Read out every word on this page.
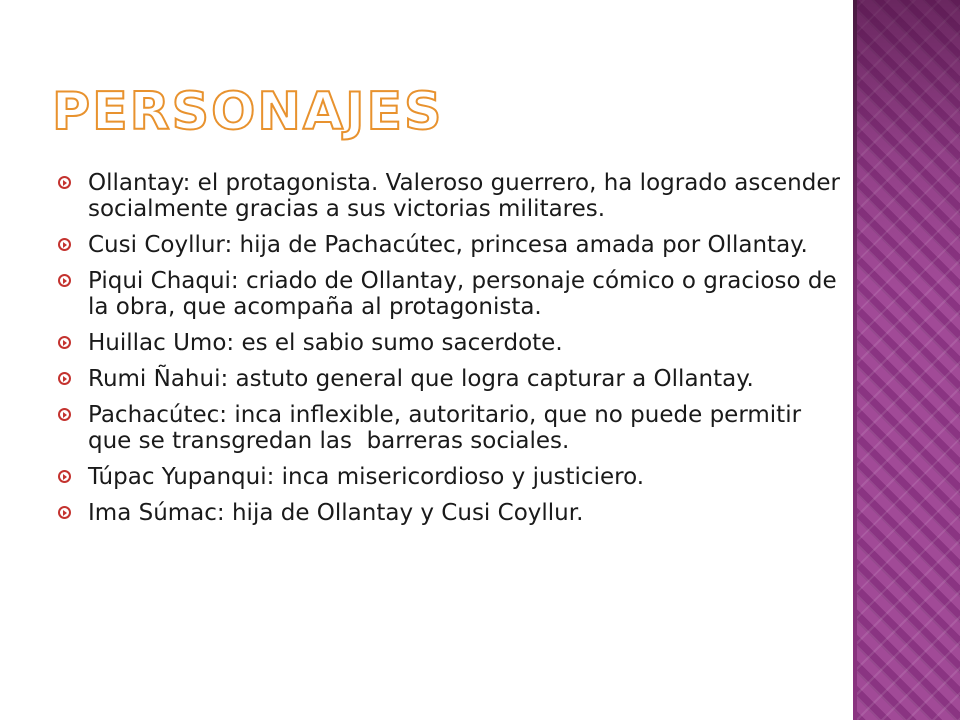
PERSONAJES
Ollantay: el protagonista. Valeroso guerrero, ha logrado ascender socialmente gracias a sus victorias militares.
Cusi Coyllur: hija de Pachacútec, princesa amada por Ollantay.
Piqui Chaqui: criado de Ollantay, personaje cómico o gracioso de la obra, que acompaña al protagonista.
Huillac Umo: es el sabio sumo sacerdote.
Rumi Ñahui: astuto general que logra capturar a Ollantay.
Pachacútec: inca inflexible, autoritario, que no puede permitir que se transgredan las  barreras sociales.
Túpac Yupanqui: inca misericordioso y justiciero.
Ima Súmac: hija de Ollantay y Cusi Coyllur.
